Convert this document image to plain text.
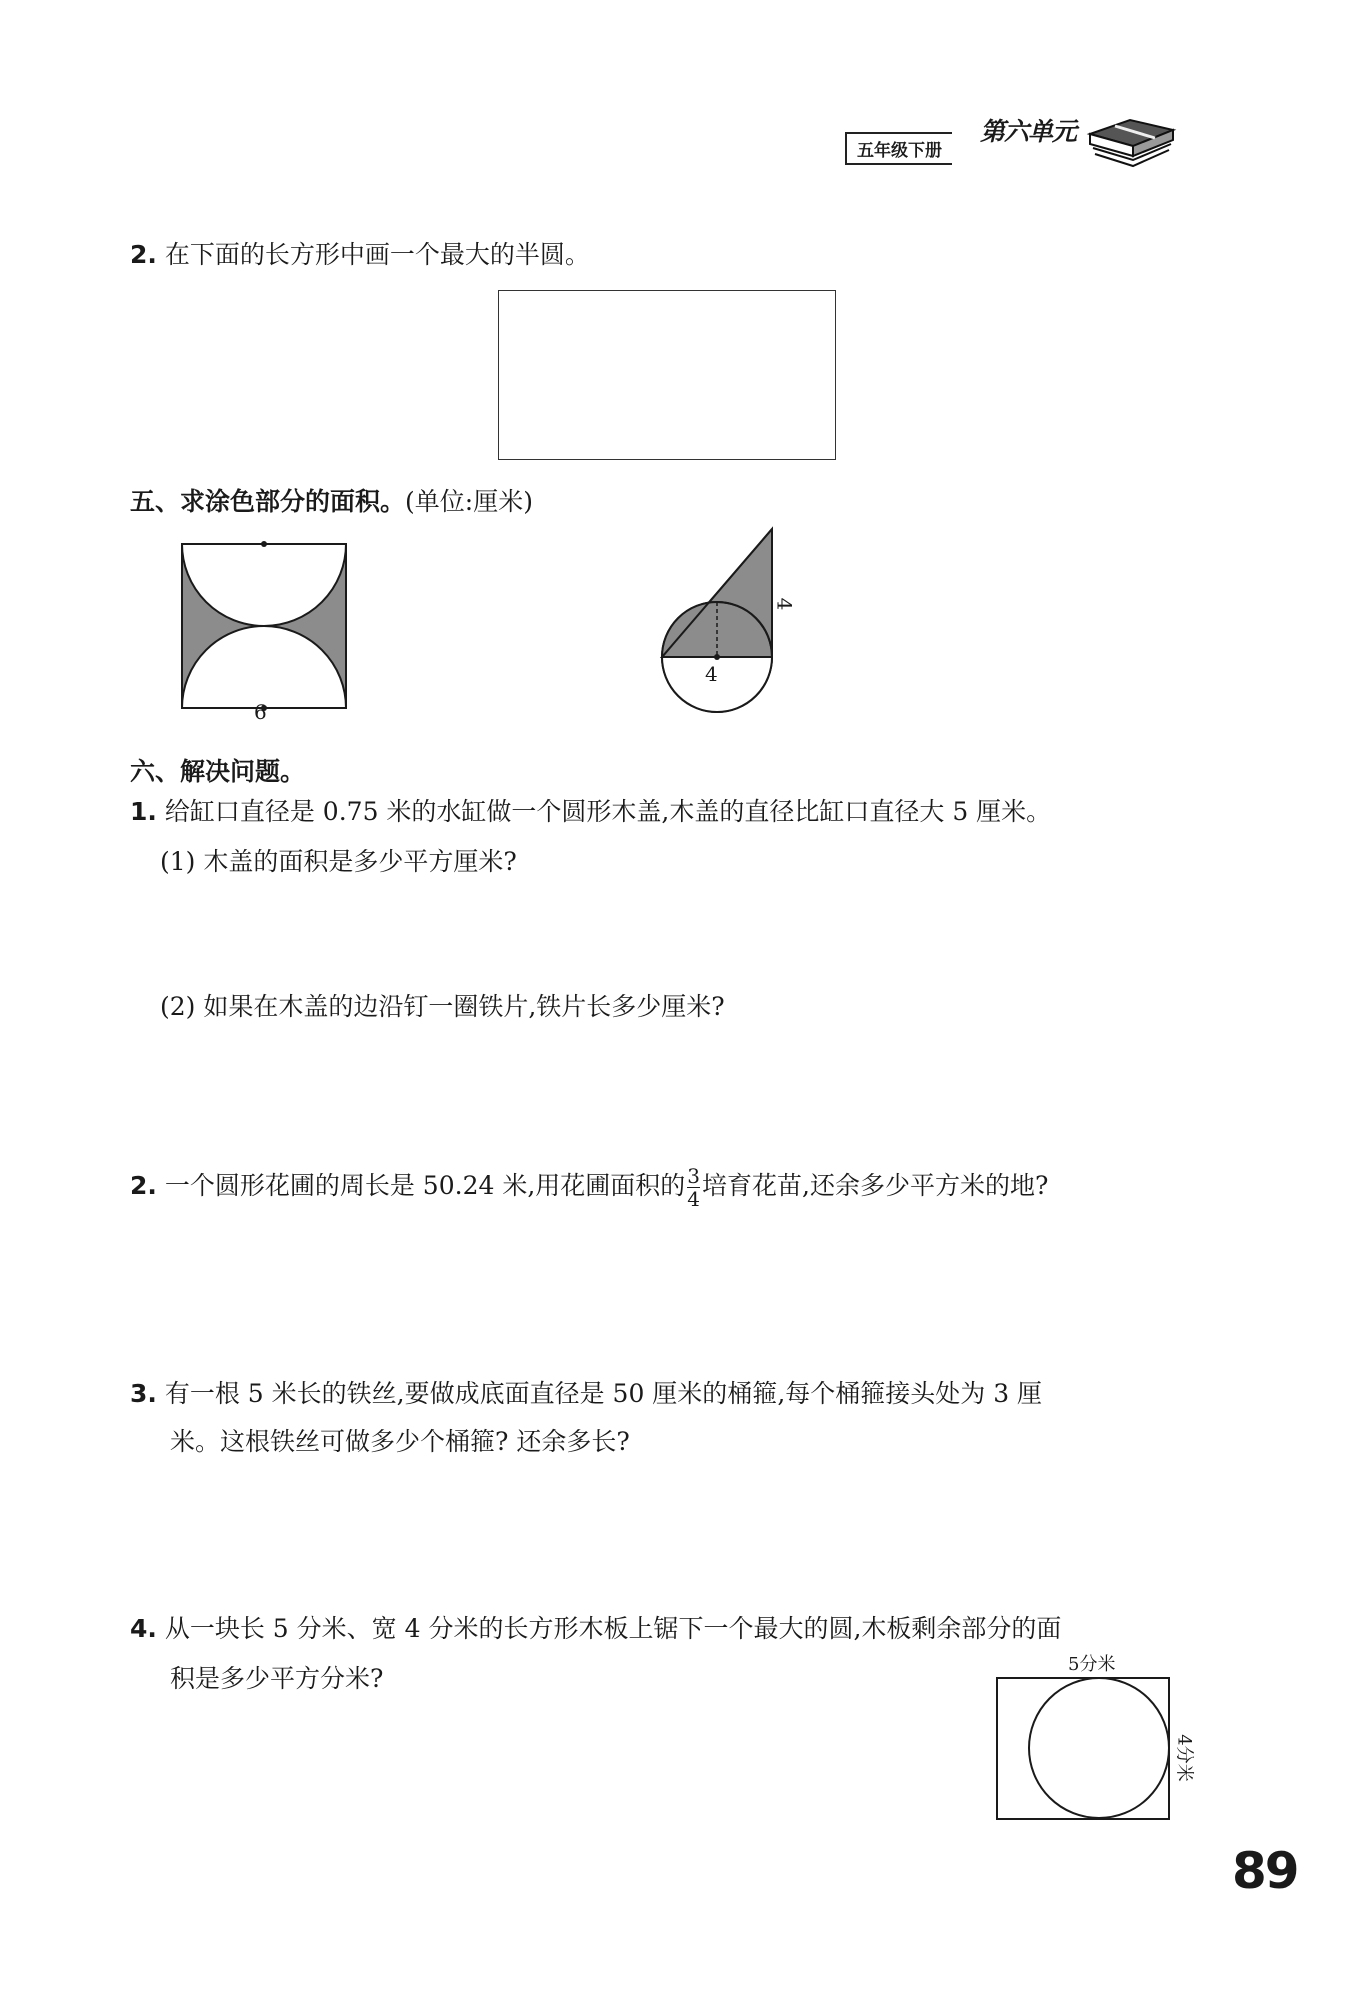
五年级下册
第六单元
2. 在下面的长方形中画一个最大的半圆。
五、求涂色部分的面积。(单位:厘米)
6
4
4
六、解决问题。
1. 给缸口直径是 0.75 米的水缸做一个圆形木盖,木盖的直径比缸口直径大 5 厘米。
(1) 木盖的面积是多少平方厘米?
(2) 如果在木盖的边沿钉一圈铁片,铁片长多少厘米?
2. 一个圆形花圃的周长是 50.24 米,用花圃面积的 $\frac{3}{4}$ 培育花苗,还余多少平方米的地?
3. 有一根 5 米长的铁丝,要做成底面直径是 50 厘米的桶箍,每个桶箍接头处为 3 厘
米。这根铁丝可做多少个桶箍? 还余多长?
4. 从一块长 5 分米、宽 4 分米的长方形木板上锯下一个最大的圆,木板剩余部分的面
积是多少平方分米?	5分米
4分米
89
